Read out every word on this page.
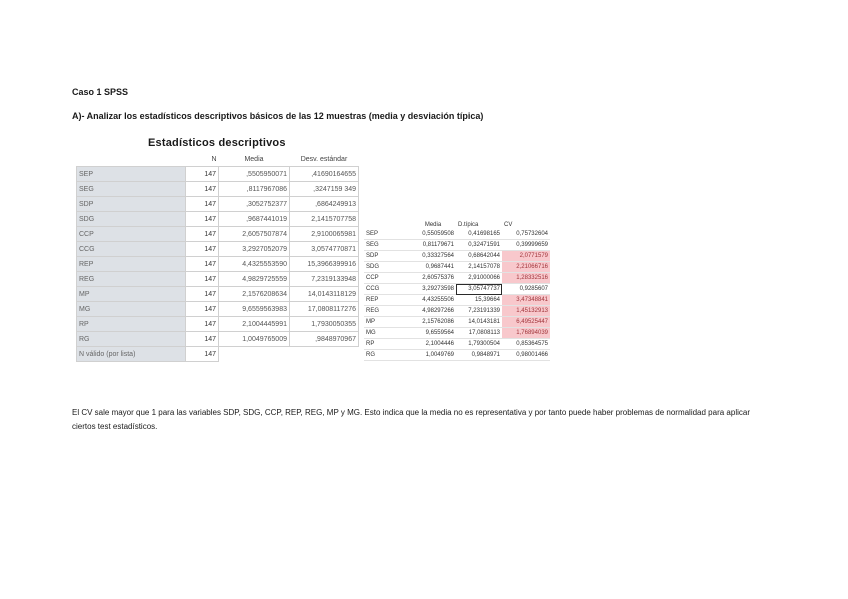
Caso 1 SPSS
A)- Analizar los estadísticos descriptivos básicos de las 12 muestras (media y desviación típica)
Estadísticos descriptivos
	N	Media	Desv. estándar
SEP	147	,5505950071	,41690164655
SEG	147	,8117967086	,3247159 349
SDP	147	,3052752377	,6864249913
SDG	147	,9687441019	2,1415707758
CCP	147	2,6057507874	2,9100065981
CCG	147	3,2927052079	3,0574770871
REP	147	4,4325553590	15,3966399916
REG	147	4,9829725559	7,2319133948
MP	147	2,1576208634	14,0143118129
MG	147	9,6559563983	17,0808117276
RP	147	2,1004445991	1,7930050355
RG	147	1,0049765009	,9848970967
N válido (por lista)	147		
	Media	D.típica	CV
SEP	0,55059508	0,41698165	0,75732604
SEG	0,81179671	0,32471591	0,39999659
SDP	0,33327564	0,68642044	2,0771579
SDG	0,9687441	2,14157078	2,21066716
CCP	2,60575376	2,91000066	1,28332516
CCG	3,29273598	3,05747737	0,9285607
REP	4,43255506	15,39664	3,47348841
REG	4,98297266	7,23191339	1,45132913
MP	2,15762086	14,0143181	6,49525447
MG	9,6559564	17,0808113	1,76894039
RP	2,1004446	1,79300504	0,85364575
RG	1,0049769	0,9848971	0,98001466
El CV sale mayor que 1 para las variables SDP, SDG, CCP, REP, REG, MP y MG. Esto indica que la media no es representativa y por tanto puede haber problemas de normalidad para aplicar ciertos test estadísticos.
